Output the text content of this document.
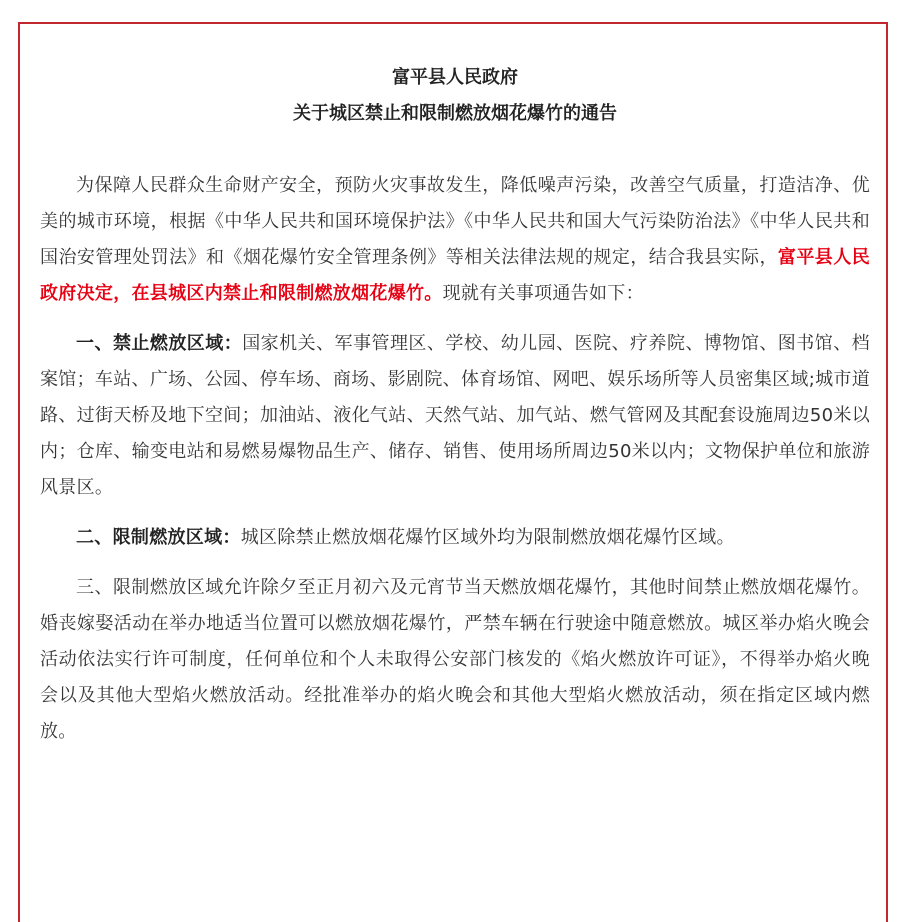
富平县人民政府
关于城区禁止和限制燃放烟花爆竹的通告

为保障人民群众生命财产安全，预防火灾事故发生，降低噪声污染，改善空气质量，打造洁净、优美的城市环境，根据《中华人民共和国环境保护法》《中华人民共和国大气污染防治法》《中华人民共和国治安管理处罚法》和《烟花爆竹安全管理条例》等相关法律法规的规定，结合我县实际，富平县人民政府决定，在县城区内禁止和限制燃放烟花爆竹。现就有关事项通告如下：

一、禁止燃放区域：国家机关、军事管理区、学校、幼儿园、医院、疗养院、博物馆、图书馆、档案馆；车站、广场、公园、停车场、商场、影剧院、体育场馆、网吧、娱乐场所等人员密集区域;城市道路、过街天桥及地下空间；加油站、液化气站、天然气站、加气站、燃气管网及其配套设施周边50米以内；仓库、输变电站和易燃易爆物品生产、储存、销售、使用场所周边50米以内；文物保护单位和旅游风景区。

二、限制燃放区域：城区除禁止燃放烟花爆竹区域外均为限制燃放烟花爆竹区域。

三、限制燃放区域允许除夕至正月初六及元宵节当天燃放烟花爆竹，其他时间禁止燃放烟花爆竹。婚丧嫁娶活动在举办地适当位置可以燃放烟花爆竹，严禁车辆在行驶途中随意燃放。城区举办焰火晚会活动依法实行许可制度，任何单位和个人未取得公安部门核发的《焰火燃放许可证》，不得举办焰火晚会以及其他大型焰火燃放活动。经批准举办的焰火晚会和其他大型焰火燃放活动，须在指定区域内燃放。
